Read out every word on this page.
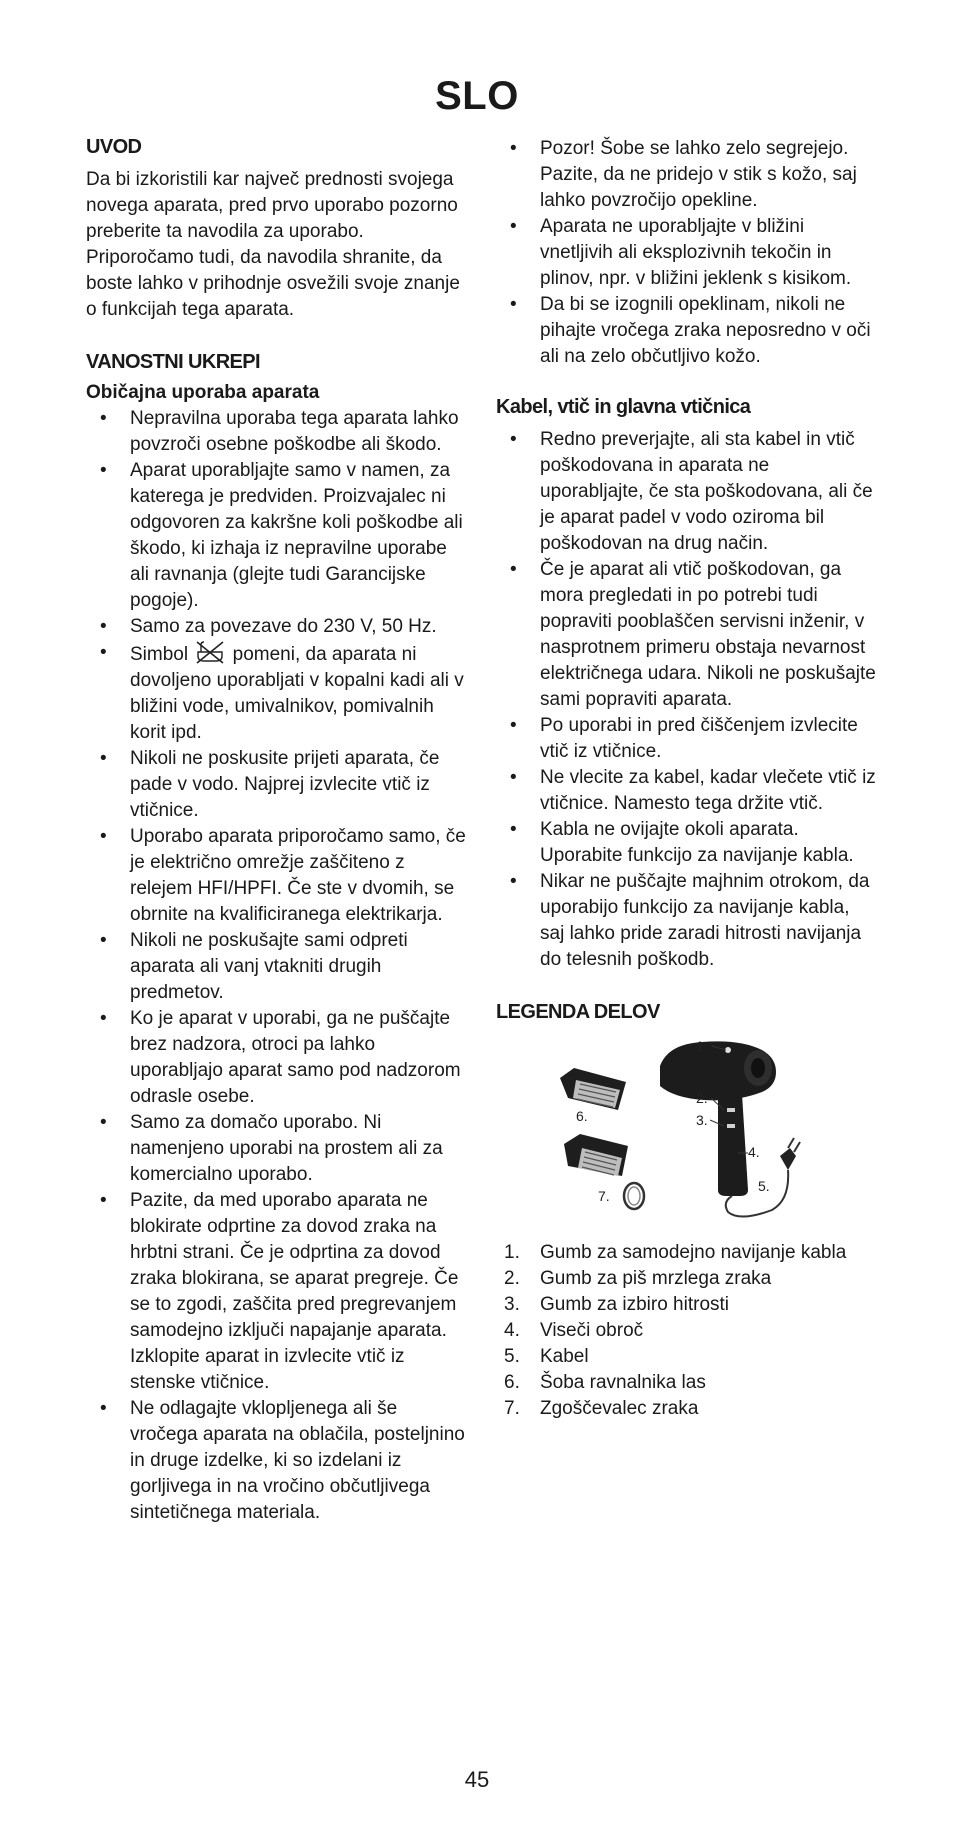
SLO
UVOD

Da bi izkoristili kar največ prednosti svojega novega aparata, pred prvo uporabo pozorno preberite ta navodila za uporabo. Priporočamo tudi, da navodila shranite, da boste lahko v prihodnje osvežili svoje znanje o funkcijah tega aparata.

VANOSTNI UKREPI
Običajna uporaba aparata
• Nepravilna uporaba tega aparata lahko povzroči osebne poškodbe ali škodo.
• Aparat uporabljajte samo v namen, za katerega je predviden. Proizvajalec ni odgovoren za kakršne koli poškodbe ali škodo, ki izhaja iz nepravilne uporabe ali ravnanja (glejte tudi Garancijske pogoje).
• Samo za povezave do 230 V, 50 Hz.
• Simbol pomeni, da aparata ni dovoljeno uporabljati v kopalni kadi ali v bližini vode, umivalnikov, pomivalnih korit ipd.
• Nikoli ne poskusite prijeti aparata, če pade v vodo. Najprej izvlecite vtič iz vtičnice.
• Uporabo aparata priporočamo samo, če je električno omrežje zaščiteno z relejem HFI/HPFI. Če ste v dvomih, se obrnite na kvalificiranega elektrikarja.
• Nikoli ne poskušajte sami odpreti aparata ali vanj vtakniti drugih predmetov.
• Ko je aparat v uporabi, ga ne puščajte brez nadzora, otroci pa lahko uporabljajo aparat samo pod nadzorom odrasle osebe.
• Samo za domačo uporabo. Ni namenjeno uporabi na prostem ali za komercialno uporabo.
• Pazite, da med uporabo aparata ne blokirate odprtine za dovod zraka na hrbtni strani. Če je odprtina za dovod zraka blokirana, se aparat pregreje. Če se to zgodi, zaščita pred pregrevanjem samodejno izklјuči napajanje aparata. Izklopite aparat in izvlecite vtič iz stenske vtičnice.
• Ne odlagajte vklopljenega ali še vročega aparata na oblačila, posteljnino in druge izdelke, ki so izdelani iz gorljivega in na vročino občutljivega sintetičnega materiala.
• Pozor! Šobe se lahko zelo segrejejo. Pazite, da ne pridejo v stik s kožo, saj lahko povzročijo opekline.
• Aparata ne uporabljajte v bližini vnetljivih ali eksplozivnih tekočin in plinov, npr. v bližini jeklenk s kisikom.
• Da bi se izognili opeklinam, nikoli ne pihajte vročega zraka neposredno v oči ali na zelo občutljivo kožo.
Kabel, vtič in glavna vtičnica
• Redno preverjajte, ali sta kabel in vtič poškodovana in aparata ne uporabljajte, če sta poškodovana, ali če je aparat padel v vodo oziroma bil poškodovan na drug način.
• Če je aparat ali vtič poškodovan, ga mora pregledati in po potrebi tudi popraviti pooblaščen servisni inženir, v nasprotnem primeru obstaja nevarnost električnega udara. Nikoli ne poskušajte sami popraviti aparata.
• Po uporabi in pred čiščenjem izvlecite vtič iz vtičnice.
• Ne vlecite za kabel, kadar vlečete vtič iz vtičnice. Namesto tega držite vtič.
• Kabla ne ovijajte okoli aparata. Uporabite funkcijo za navijanje kabla.
• Nikar ne puščajte majhnim otrokom, da uporabijo funkcijo za navijanje kabla, saj lahko pride zaradi hitrosti navijanja do telesnih poškodb.
LEGENDA DELOV
1.
2.
3.
4.
5.
6.
7.
1. Gumb za samodejno navijanje kabla
2. Gumb za piš mrzlega zraka
3. Gumb za izbiro hitrosti
4. Viseči obroč
5. Kabel
6. Šoba ravnalnika las
7. Zgoščevalec zraka

45
